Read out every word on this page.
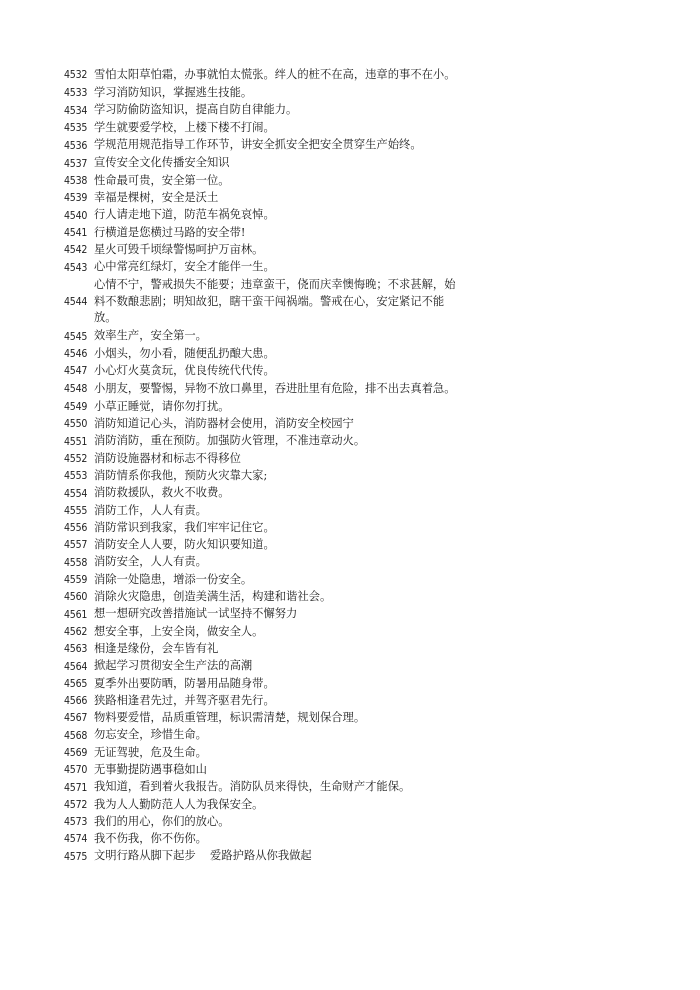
4532 雪怕太阳草怕霜，办事就怕太慌张。绊人的桩不在高，违章的事不在小。
4533 学习消防知识，掌握逃生技能。
4534 学习防偷防盗知识，提高自防自律能力。
4535 学生就要爱学校，上楼下楼不打闹。
4536 学规范用规范指导工作环节，讲安全抓安全把安全贯穿生产始终。
4537 宣传安全文化传播安全知识
4538 性命最可贵，安全第一位。
4539 幸福是棵树，安全是沃土
4540 行人请走地下道，防范车祸免哀悼。
4541 行横道是您横过马路的安全带!
4542 星火可毁千顷绿警惕呵护万亩林。
4543 心中常亮红绿灯，安全才能伴一生。
4544
心情不宁，警戒损失不能要；违章蛮干，侥而庆幸懊悔晚；不求甚解，始料不数酿悲剧；明知故犯，瞎干蛮干闯祸端。警戒在心，安定紧记不能放。
4545 效率生产，安全第一。
4546 小烟头，勿小看，随便乱扔酿大患。
4547 小心灯火莫贪玩，优良传统代代传。
4548 小朋友，要警惕，异物不放口鼻里，吞进肚里有危险，排不出去真着急。
4549 小草正睡觉，请你勿打扰。
4550 消防知道记心头，消防器材会使用，消防安全校园宁
4551 消防消防，重在预防。加强防火管理，不准违章动火。
4552 消防设施器材和标志不得移位
4553 消防情系你我他，预防火灾靠大家;
4554 消防救援队，救火不收费。
4555 消防工作，人人有责。
4556 消防常识到我家，我们牢牢记住它。
4557 消防安全人人要，防火知识要知道。
4558 消防安全，人人有责。
4559 消除一处隐患，增添一份安全。
4560 消除火灾隐患，创造美满生活，构建和谐社会。
4561 想一想研究改善措施试一试坚持不懈努力
4562 想安全事，上安全岗，做安全人。
4563 相逢是缘份，会车皆有礼
4564 掀起学习贯彻安全生产法的高潮
4565 夏季外出要防晒，防暑用品随身带。
4566 狭路相逢君先过，并驾齐驱君先行。
4567 物料要爱惜，品质重管理，标识需清楚，规划保合理。
4568 勿忘安全，珍惜生命。
4569 无证驾驶，危及生命。
4570 无事勤提防遇事稳如山
4571 我知道，看到着火我报告。消防队员来得快，生命财产才能保。
4572 我为人人勤防范人人为我保安全。
4573 我们的用心，你们的放心。
4574 我不伤我，你不伤你。
4575 文明行路从脚下起步    爱路护路从你我做起
